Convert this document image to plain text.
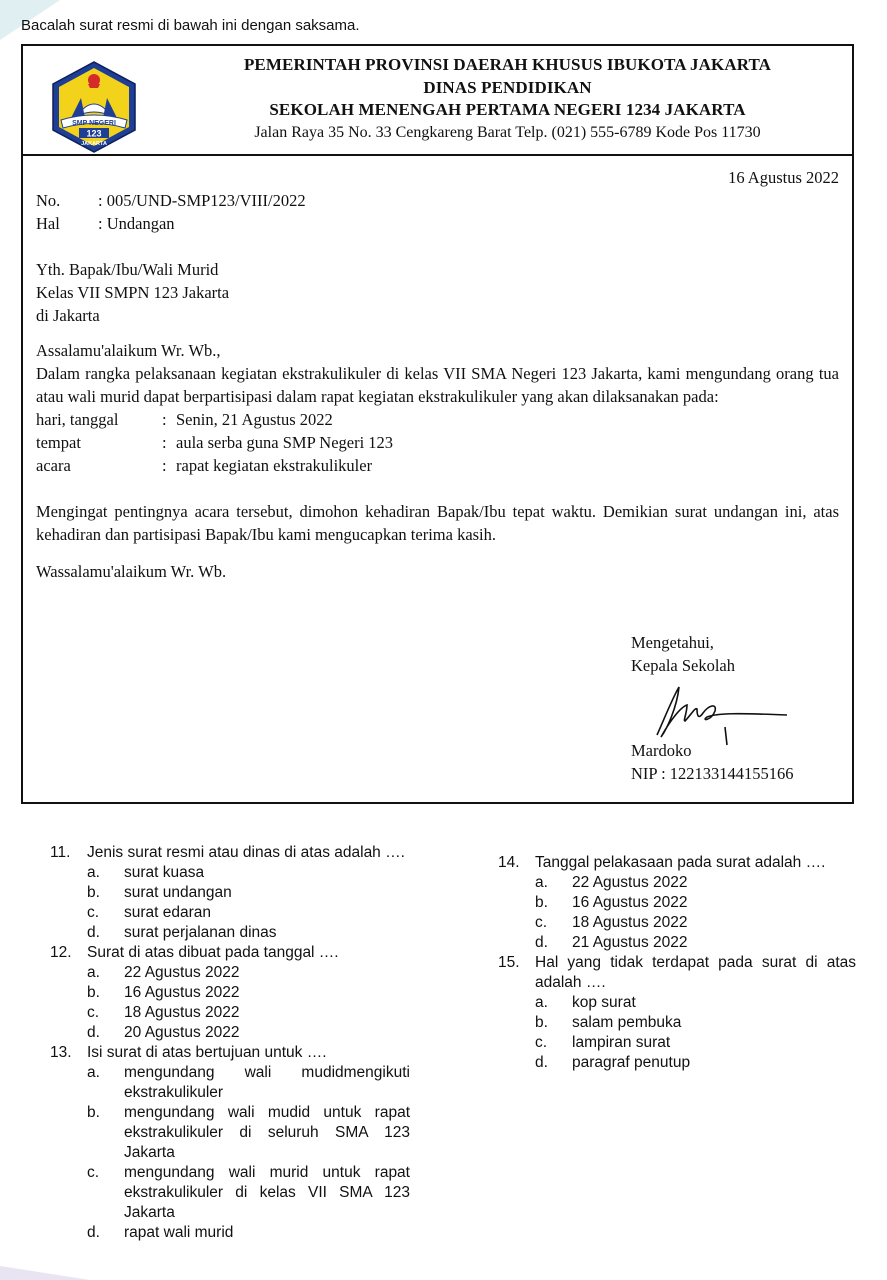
Bacalah surat resmi di bawah ini dengan saksama.
SMP NEGERI
123
JAKARTA
PEMERINTAH PROVINSI DAERAH KHUSUS IBUKOTA JAKARTA
DINAS PENDIDIKAN
SEKOLAH MENENGAH PERTAMA NEGERI 1234 JAKARTA
Jalan Raya 35 No. 33 Cengkareng Barat Telp. (021) 555-6789 Kode Pos 11730
16 Agustus 2022
No.	: 005/UND-SMP123/VIII/2022
Hal	: Undangan
Yth. Bapak/Ibu/Wali Murid
Kelas VII SMPN 123 Jakarta
di Jakarta
Assalamu'alaikum Wr. Wb.,
Dalam rangka pelaksanaan kegiatan ekstrakulikuler di kelas VII SMA Negeri 123 Jakarta, kami mengundang orang tua atau wali murid dapat berpartisipasi dalam rapat kegiatan ekstrakulikuler yang akan dilaksanakan pada:
hari, tanggal	: Senin, 21 Agustus 2022
tempat	: aula serba guna SMP Negeri 123
acara	: rapat kegiatan ekstrakulikuler
Mengingat pentingnya acara tersebut, dimohon kehadiran Bapak/Ibu tepat waktu. Demikian surat undangan ini, atas kehadiran dan partisipasi Bapak/Ibu kami mengucapkan terima kasih.
Wassalamu'alaikum Wr. Wb.
Mengetahui,
Kepala Sekolah
Mardoko
NIP : 122133144155166
11. Jenis surat resmi atau dinas di atas adalah ….
a. surat kuasa
b. surat undangan
c. surat edaran
d. surat perjalanan dinas
12. Surat di atas dibuat pada tanggal ….
a. 22 Agustus 2022
b. 16 Agustus 2022
c. 18 Agustus 2022
d. 20 Agustus 2022
13. Isi surat di atas bertujuan untuk ….
a. mengundang wali mudidmengikuti ekstrakulikuler
b. mengundang wali mudid untuk rapat ekstrakulikuler di seluruh SMA 123 Jakarta
c. mengundang wali murid untuk rapat ekstrakulikuler di kelas VII SMA 123 Jakarta
d. rapat wali murid
14. Tanggal pelakasaan pada surat adalah ….
a. 22 Agustus 2022
b. 16 Agustus 2022
c. 18 Agustus 2022
d. 21 Agustus 2022
15. Hal yang tidak terdapat pada surat di atas adalah ….
a. kop surat
b. salam pembuka
c. lampiran surat
d. paragraf penutup
